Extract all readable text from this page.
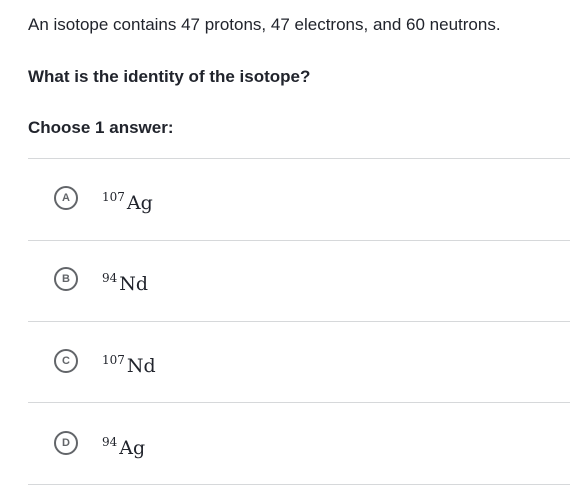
An isotope contains 47 protons, 47 electrons, and 60 neutrons.
What is the identity of the isotope?
Choose 1 answer:
A	$^{107}$ Ag
B	$^{94}$ Nd
C	$^{107}$ Nd
D	$^{94}$ Ag
